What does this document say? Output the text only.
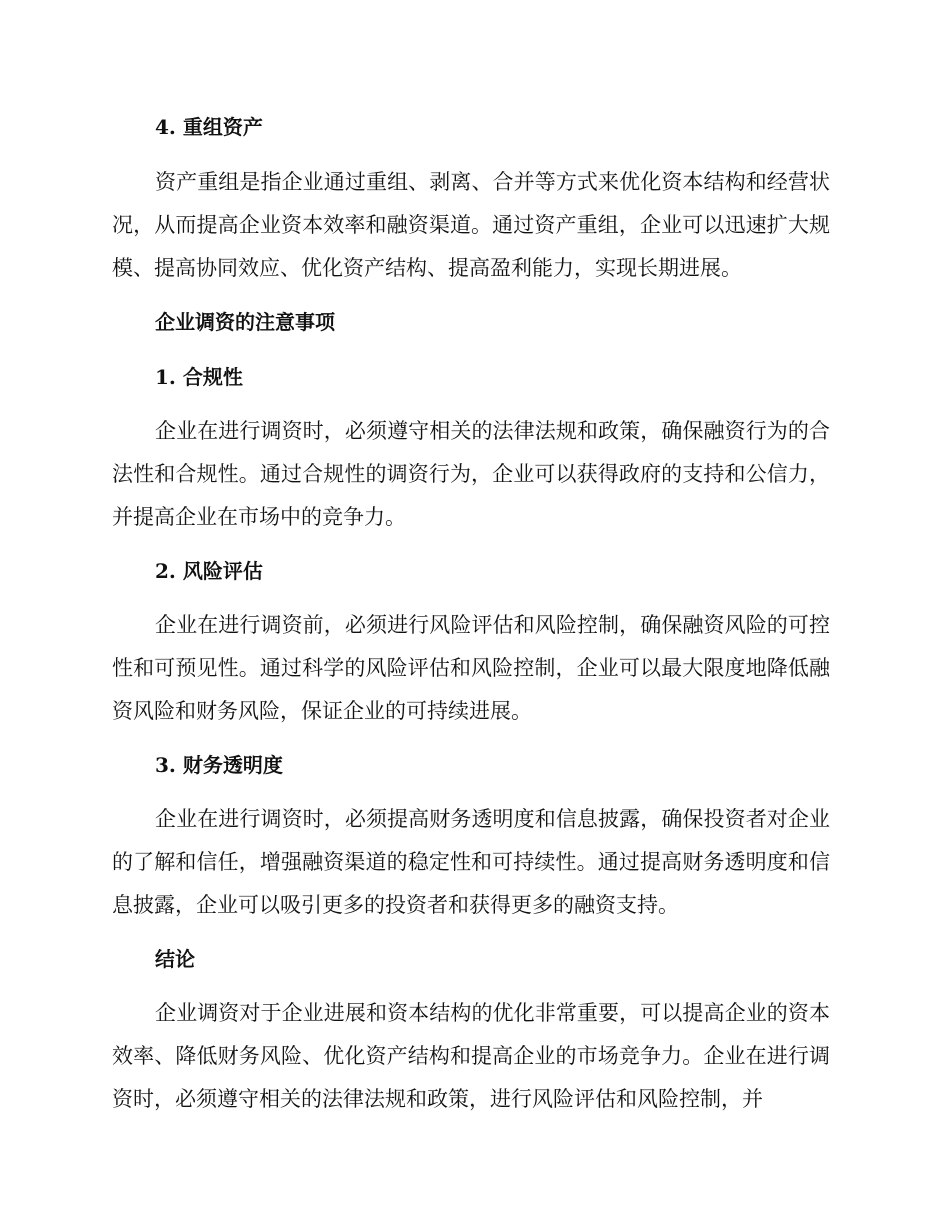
4. 重组资产
资产重组是指企业通过重组、剥离、合并等方式来优化资本结构和经营状况，从而提高企业资本效率和融资渠道。通过资产重组，企业可以迅速扩大规模、提高协同效应、优化资产结构、提高盈利能力，实现长期进展。
企业调资的注意事项
1. 合规性
企业在进行调资时，必须遵守相关的法律法规和政策，确保融资行为的合法性和合规性。通过合规性的调资行为，企业可以获得政府的支持和公信力，并提高企业在市场中的竞争力。
2. 风险评估
企业在进行调资前，必须进行风险评估和风险控制，确保融资风险的可控性和可预见性。通过科学的风险评估和风险控制，企业可以最大限度地降低融资风险和财务风险，保证企业的可持续进展。
3. 财务透明度
企业在进行调资时，必须提高财务透明度和信息披露，确保投资者对企业的了解和信任，增强融资渠道的稳定性和可持续性。通过提高财务透明度和信息披露，企业可以吸引更多的投资者和获得更多的融资支持。
结论
企业调资对于企业进展和资本结构的优化非常重要，可以提高企业的资本效率、降低财务风险、优化资产结构和提高企业的市场竞争力。企业在进行调资时，必须遵守相关的法律法规和政策，进行风险评估和风险控制，并
